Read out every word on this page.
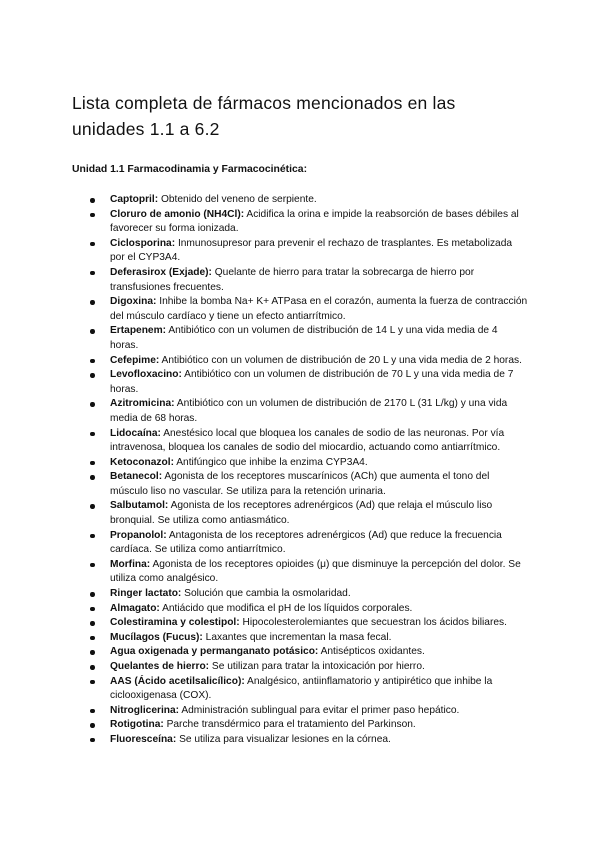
Lista completa de fármacos mencionados en las unidades 1.1 a 6.2
Unidad 1.1 Farmacodinamia y Farmacocinética:
Captopril: Obtenido del veneno de serpiente.
Cloruro de amonio (NH4Cl): Acidifica la orina e impide la reabsorción de bases débiles al favorecer su forma ionizada.
Ciclosporina: Inmunosupresor para prevenir el rechazo de trasplantes. Es metabolizada por el CYP3A4.
Deferasirox (Exjade): Quelante de hierro para tratar la sobrecarga de hierro por transfusiones frecuentes.
Digoxina: Inhibe la bomba Na+ K+ ATPasa en el corazón, aumenta la fuerza de contracción del músculo cardíaco y tiene un efecto antiarrítmico.
Ertapenem: Antibiótico con un volumen de distribución de 14 L y una vida media de 4 horas.
Cefepime: Antibiótico con un volumen de distribución de 20 L y una vida media de 2 horas.
Levofloxacino: Antibiótico con un volumen de distribución de 70 L y una vida media de 7 horas.
Azitromicina: Antibiótico con un volumen de distribución de 2170 L (31 L/kg) y una vida media de 68 horas.
Lidocaína: Anestésico local que bloquea los canales de sodio de las neuronas. Por vía intravenosa, bloquea los canales de sodio del miocardio, actuando como antiarrítmico.
Ketoconazol: Antifúngico que inhibe la enzima CYP3A4.
Betanecol: Agonista de los receptores muscarínicos (ACh) que aumenta el tono del músculo liso no vascular. Se utiliza para la retención urinaria.
Salbutamol: Agonista de los receptores adrenérgicos (Ad) que relaja el músculo liso bronquial. Se utiliza como antiasmático.
Propanolol: Antagonista de los receptores adrenérgicos (Ad) que reduce la frecuencia cardíaca. Se utiliza como antiarrítmico.
Morfina: Agonista de los receptores opioides (μ) que disminuye la percepción del dolor. Se utiliza como analgésico.
Ringer lactato: Solución que cambia la osmolaridad.
Almagato: Antiácido que modifica el pH de los líquidos corporales.
Colestiramina y colestipol: Hipocolesterolemiantes que secuestran los ácidos biliares.
Mucílagos (Fucus): Laxantes que incrementan la masa fecal.
Agua oxigenada y permanganato potásico: Antisépticos oxidantes.
Quelantes de hierro: Se utilizan para tratar la intoxicación por hierro.
AAS (Ácido acetilsalicílico): Analgésico, antiinflamatorio y antipirético que inhibe la ciclooxigenasa (COX).
Nitroglicerina: Administración sublingual para evitar el primer paso hepático.
Rotigotina: Parche transdérmico para el tratamiento del Parkinson.
Fluoresceína: Se utiliza para visualizar lesiones en la córnea.
